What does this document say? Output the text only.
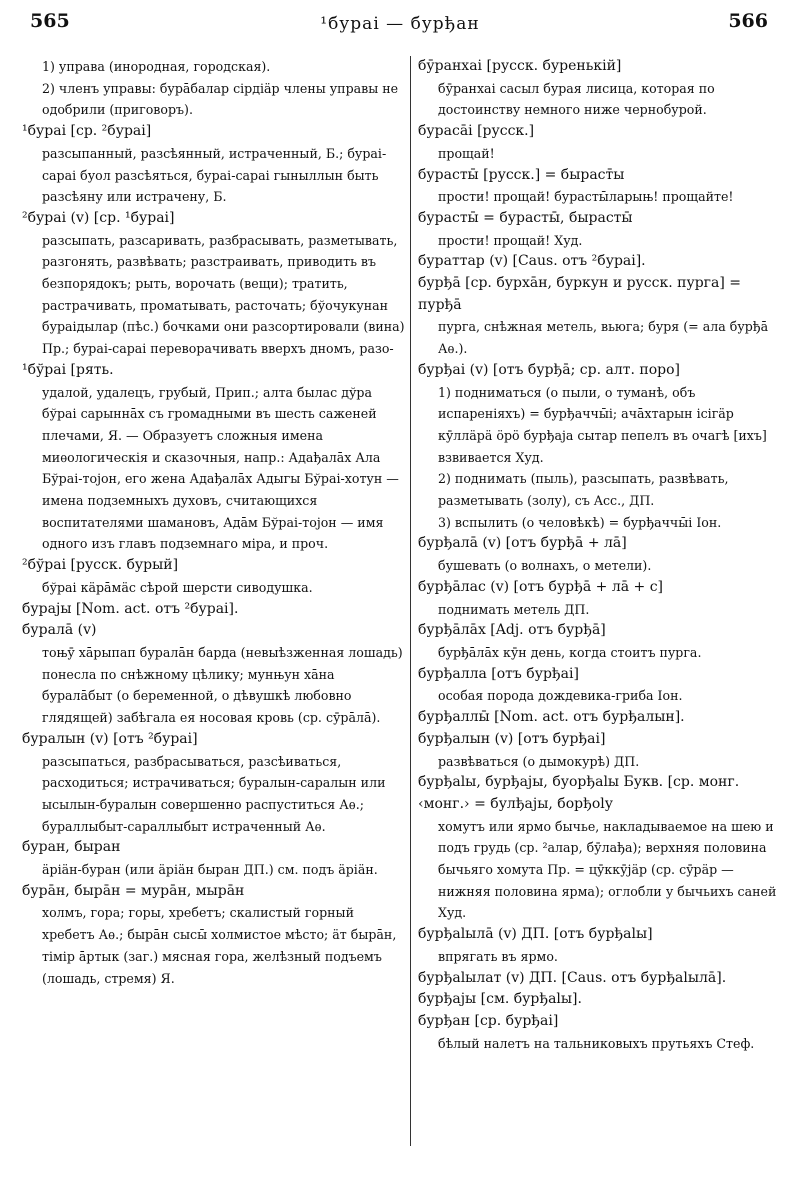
565	¹бураі — бурђан	566
1) управа (инородная, городская).
2) членъ управы: бурāбалар сірдіäр члены управы не одобрили (приговоръ).
¹бураі [ср. ²бураі]
разсыпанный, разсѣянный, истраченный, Б.; бураі-сараі буол разсѣяться, бураі-сараі гыныллын быть разсѣяну или истрачену, Б.
²бураі (v) [ср. ¹бураі]
разсыпать, разсаривать, разбрасывать, разметывать, разгонять, развѣвать; разстраивать, приводить въ безпорядокъ; рыть, ворочать (вещи); тратить, растрачивать, проматывать, расточать; бўочукунан бураідылар (пѣс.) бочками они разсортировали (вина) Пр.; бураі-сараі переворачивать вверхъ дномъ, разо-
¹бўраі [рять.
удалой, удалецъ, грубый, Прип.; алта былас дўра бўраі сарыннāх съ громадными въ шесть саженей плечами, Я. — Образуетъ сложныя имена миѳологическія и сказочныя, напр.: Адађалāх Ала Бўраі-тојон, его жена Адађалāх Адыгы Бўраі-хотун — имена подземныхъ духовъ, считающихся воспитателями шамановъ, Адāм Бўраі-тојон — имя одного изъ главъ подземнаго міра, и проч.
²бўраі [русск. бурый]
бўраі кäрāмäс сѣрой шерсти сиводушка.
бураjы [Nom. act. отъ ²бураі].
буралā (v)
тоњӯ хāрыпап буралāн барда (невыѣзженная лошадь) понесла по снѣжному цѣлику; мунњун хāна буралāбыт (о беременной, о дѣвушкѣ любовно глядящей) забѣгала ея носовая кровь (ср. сӯрāлā).
буралын (v) [отъ ²бураі]
разсыпаться, разбрасываться, разсѣиваться, расходиться; истрачиваться; буралын-саралын или ысылын-буралын совершенно распуститься Аѳ.; бураллыбыт-сараллыбыт истраченный Аѳ.
буран, быран
äріäн-буран (или äріäн быран ДП.) см. подъ äріäн.
бурāн, бырāн = мурāн, мырāн
холмъ, гора; горы, хребетъ; скалистый горный хребетъ Аѳ.; бырāн сысы̄ холмистое мѣсто; äт бырāн, тімір āртык (заг.) мясная гора, желѣзный подъемъ (лошадь, стремя) Я.
бӯранхаі [русск. буренькій]
бӯранхаі сасыл бурая лисица, которая по достоинству немного ниже чернобурой.
бурасāі [русск.]
прощай!
бурасты̄ [русск.] = быраст̄ы
прости! прощай! бурасты̄ларыњ! прощайте!
бурасты̄ = бурасты̄, бырасты̄
прости! прощай! Худ.
бураттар (v) [Caus. отъ ²бураі].
бурђā [ср. бурхāн, буркун и русск. пурга] = пурђā
пурга, снѣжная метель, вьюга; буря (= ала бурђā Аѳ.).
бурђаі (v) [отъ бурђā; ср. алт. поро]
1) подниматься (о пыли, о туманѣ, объ испареніяхъ) = бурђаччы̄і; ачāхтарын ісігäр кӯллäрä öрö бурђаја сытар пепелъ въ очагѣ [ихъ] взвивается Худ.
2) поднимать (пыль), разсыпать, развѣвать, разметывать (золу), съ Acc., ДП.
3) вспылить (о человѣкѣ) = бурђаччы̄і Іон.
бурђалā (v) [отъ бурђā + лā]
бушевать (о волнахъ, о метели).
бурђāлас (v) [отъ бурђā + лā + с]
поднимать метель ДП.
бурђāлāх [Adj. отъ бурђā]
бурђāлāх кӯн день, когда стоитъ пурга.
бурђалла [отъ бурђаі]
особая порода дождевика-гриба Іон.
бурђаллы̄ [Nom. act. отъ бурђалын].
бурђалын (v) [отъ бурђаі]
развѣваться (о дымокурѣ) ДП.
бурђаlы, бурђаjы, буорђаlы Букв. [ср. монг. ‹монг.› = булђаjы, борђоlу
хомутъ или ярмо бычье, накладываемое на шею и подъ грудь (ср. ²алар, бӯлађа); верхняя половина бычьяго хомута Пр. = цӯккӯјäр (ср. сӯрäр — нижняя половина ярма); оглобли у бычьихъ саней Худ.
бурђаlылā (v) ДП. [отъ бурђаlы]
впрягать въ ярмо.
бурђаlылат (v) ДП. [Caus. отъ бурђаlылā].
бурђаjы [см. бурђаlы].
бурђан [ср. бурђаі]
бѣлый налетъ на тальниковыхъ прутьяхъ Стеф.
